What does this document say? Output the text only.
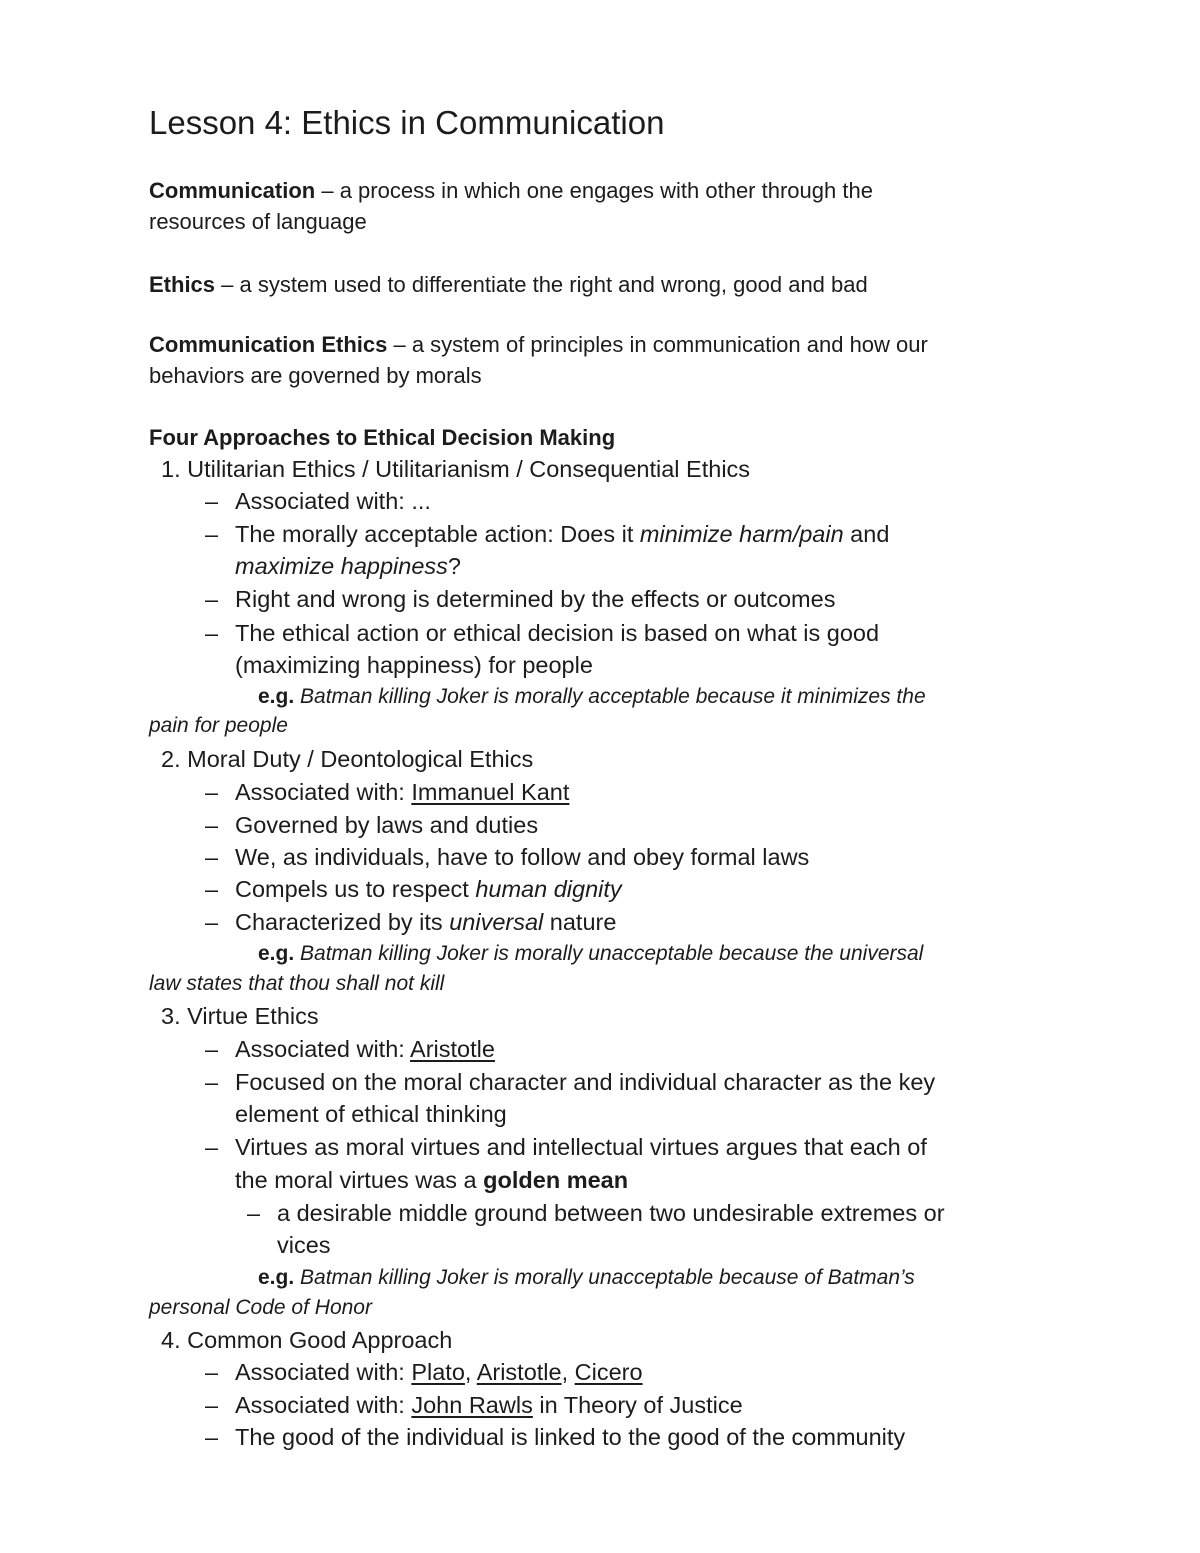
Lesson 4: Ethics in Communication
Communication – a process in which one engages with other through the
resources of language
Ethics – a system used to differentiate the right and wrong, good and bad
Communication Ethics – a system of principles in communication and how our
behaviors are governed by morals
Four Approaches to Ethical Decision Making
1. Utilitarian Ethics / Utilitarianism / Consequential Ethics
– Associated with: ...
– The morally acceptable action: Does it minimize harm/pain and
maximize happiness?
– Right and wrong is determined by the effects or outcomes
– The ethical action or ethical decision is based on what is good
(maximizing happiness) for people
e.g. Batman killing Joker is morally acceptable because it minimizes the
pain for people
2. Moral Duty / Deontological Ethics
– Associated with: Immanuel Kant
– Governed by laws and duties
– We, as individuals, have to follow and obey formal laws
– Compels us to respect human dignity
– Characterized by its universal nature
e.g. Batman killing Joker is morally unacceptable because the universal
law states that thou shall not kill
3. Virtue Ethics
– Associated with: Aristotle
– Focused on the moral character and individual character as the key
element of ethical thinking
– Virtues as moral virtues and intellectual virtues argues that each of
the moral virtues was a golden mean
– a desirable middle ground between two undesirable extremes or
vices
e.g. Batman killing Joker is morally unacceptable because of Batman’s
personal Code of Honor
4. Common Good Approach
– Associated with: Plato, Aristotle, Cicero
– Associated with: John Rawls in Theory of Justice
– The good of the individual is linked to the good of the community
